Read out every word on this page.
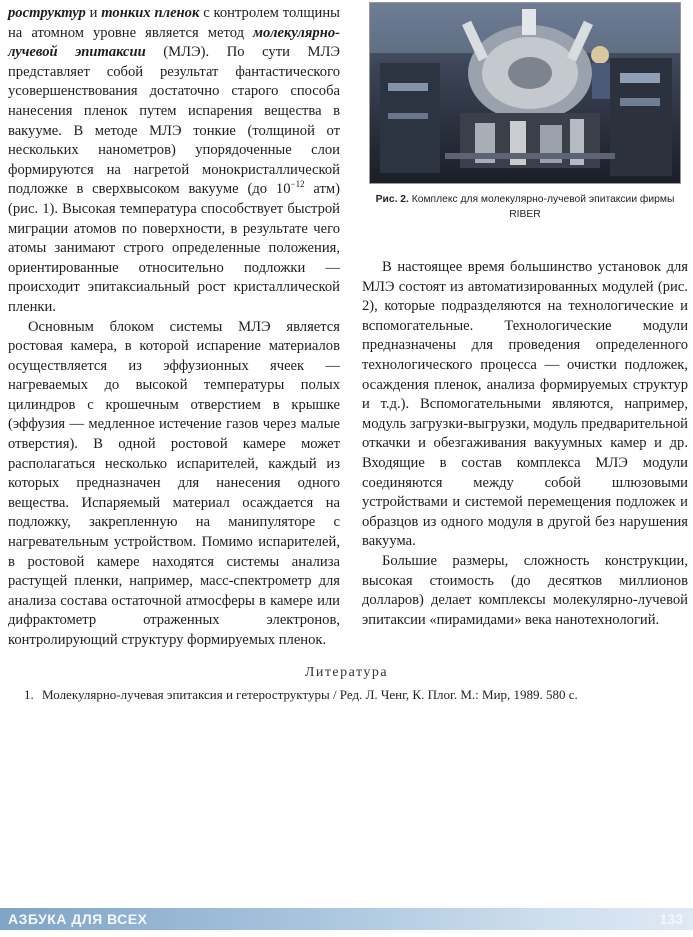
роструктур и тонких пленок с контролем толщины на атомном уровне является метод молекулярно-лучевой эпитаксии (МЛЭ). По сути МЛЭ представляет собой результат фантастического усовершенствования достаточно старого способа нанесения пленок путем испарения вещества в вакууме. В методе МЛЭ тонкие (толщиной от нескольких нанометров) упорядоченные слои формируются на нагретой монокристаллической подложке в сверхвысоком вакууме (до $10^{-12}$ атм) (рис. 1). Высокая температура способствует быстрой миграции атомов по поверхности, в результате чего атомы занимают строго определенные положения, ориентированные относительно подложки — происходит эпитаксиальный рост кристаллической пленки.

Основным блоком системы МЛЭ является ростовая камера, в которой испарение материалов осуществляется из эффузионных ячеек — нагреваемых до высокой температуры полых цилиндров с крошечным отверстием в крышке (эффузия — медленное истечение газов через малые отверстия). В одной ростовой камере может располагаться несколько испарителей, каждый из которых предназначен для нанесения одного вещества. Испаряемый материал осаждается на подложку, закрепленную на манипуляторе с нагревательным устройством. Помимо испарителей, в ростовой камере находятся системы анализа растущей пленки, например, масс-спектрометр для анализа состава остаточной атмосферы в камере или дифрактометр отраженных электронов, контролирующий структуру формируемых пленок.

Рис. 2. Комплекс для молекулярно-лучевой эпитаксии фирмы RIBER

В настоящее время большинство установок для МЛЭ состоят из автоматизированных модулей (рис. 2), которые подразделяются на технологические и вспомогательные. Технологические модули предназначены для проведения определенного технологического процесса — очистки подложек, осаждения пленок, анализа формируемых структур и т.д.). Вспомогательными являются, например, модуль загрузки-выгрузки, модуль предварительной откачки и обезгаживания вакуумных камер и др. Входящие в состав комплекса МЛЭ модули соединяются между собой шлюзовыми устройствами и системой перемещения подложек и образцов из одного модуля в другой без нарушения вакуума.

Большие размеры, сложность конструкции, высокая стоимость (до десятков миллионов долларов) делает комплексы молекулярно-лучевой эпитаксии «пирамидами» века нанотехнологий.

Литература
1. Молекулярно-лучевая эпитаксия и гетероструктуры / Ред. Л. Ченг, К. Плог. М.: Мир, 1989. 580 с.
АЗБУКА ДЛЯ ВСЕХ	133
